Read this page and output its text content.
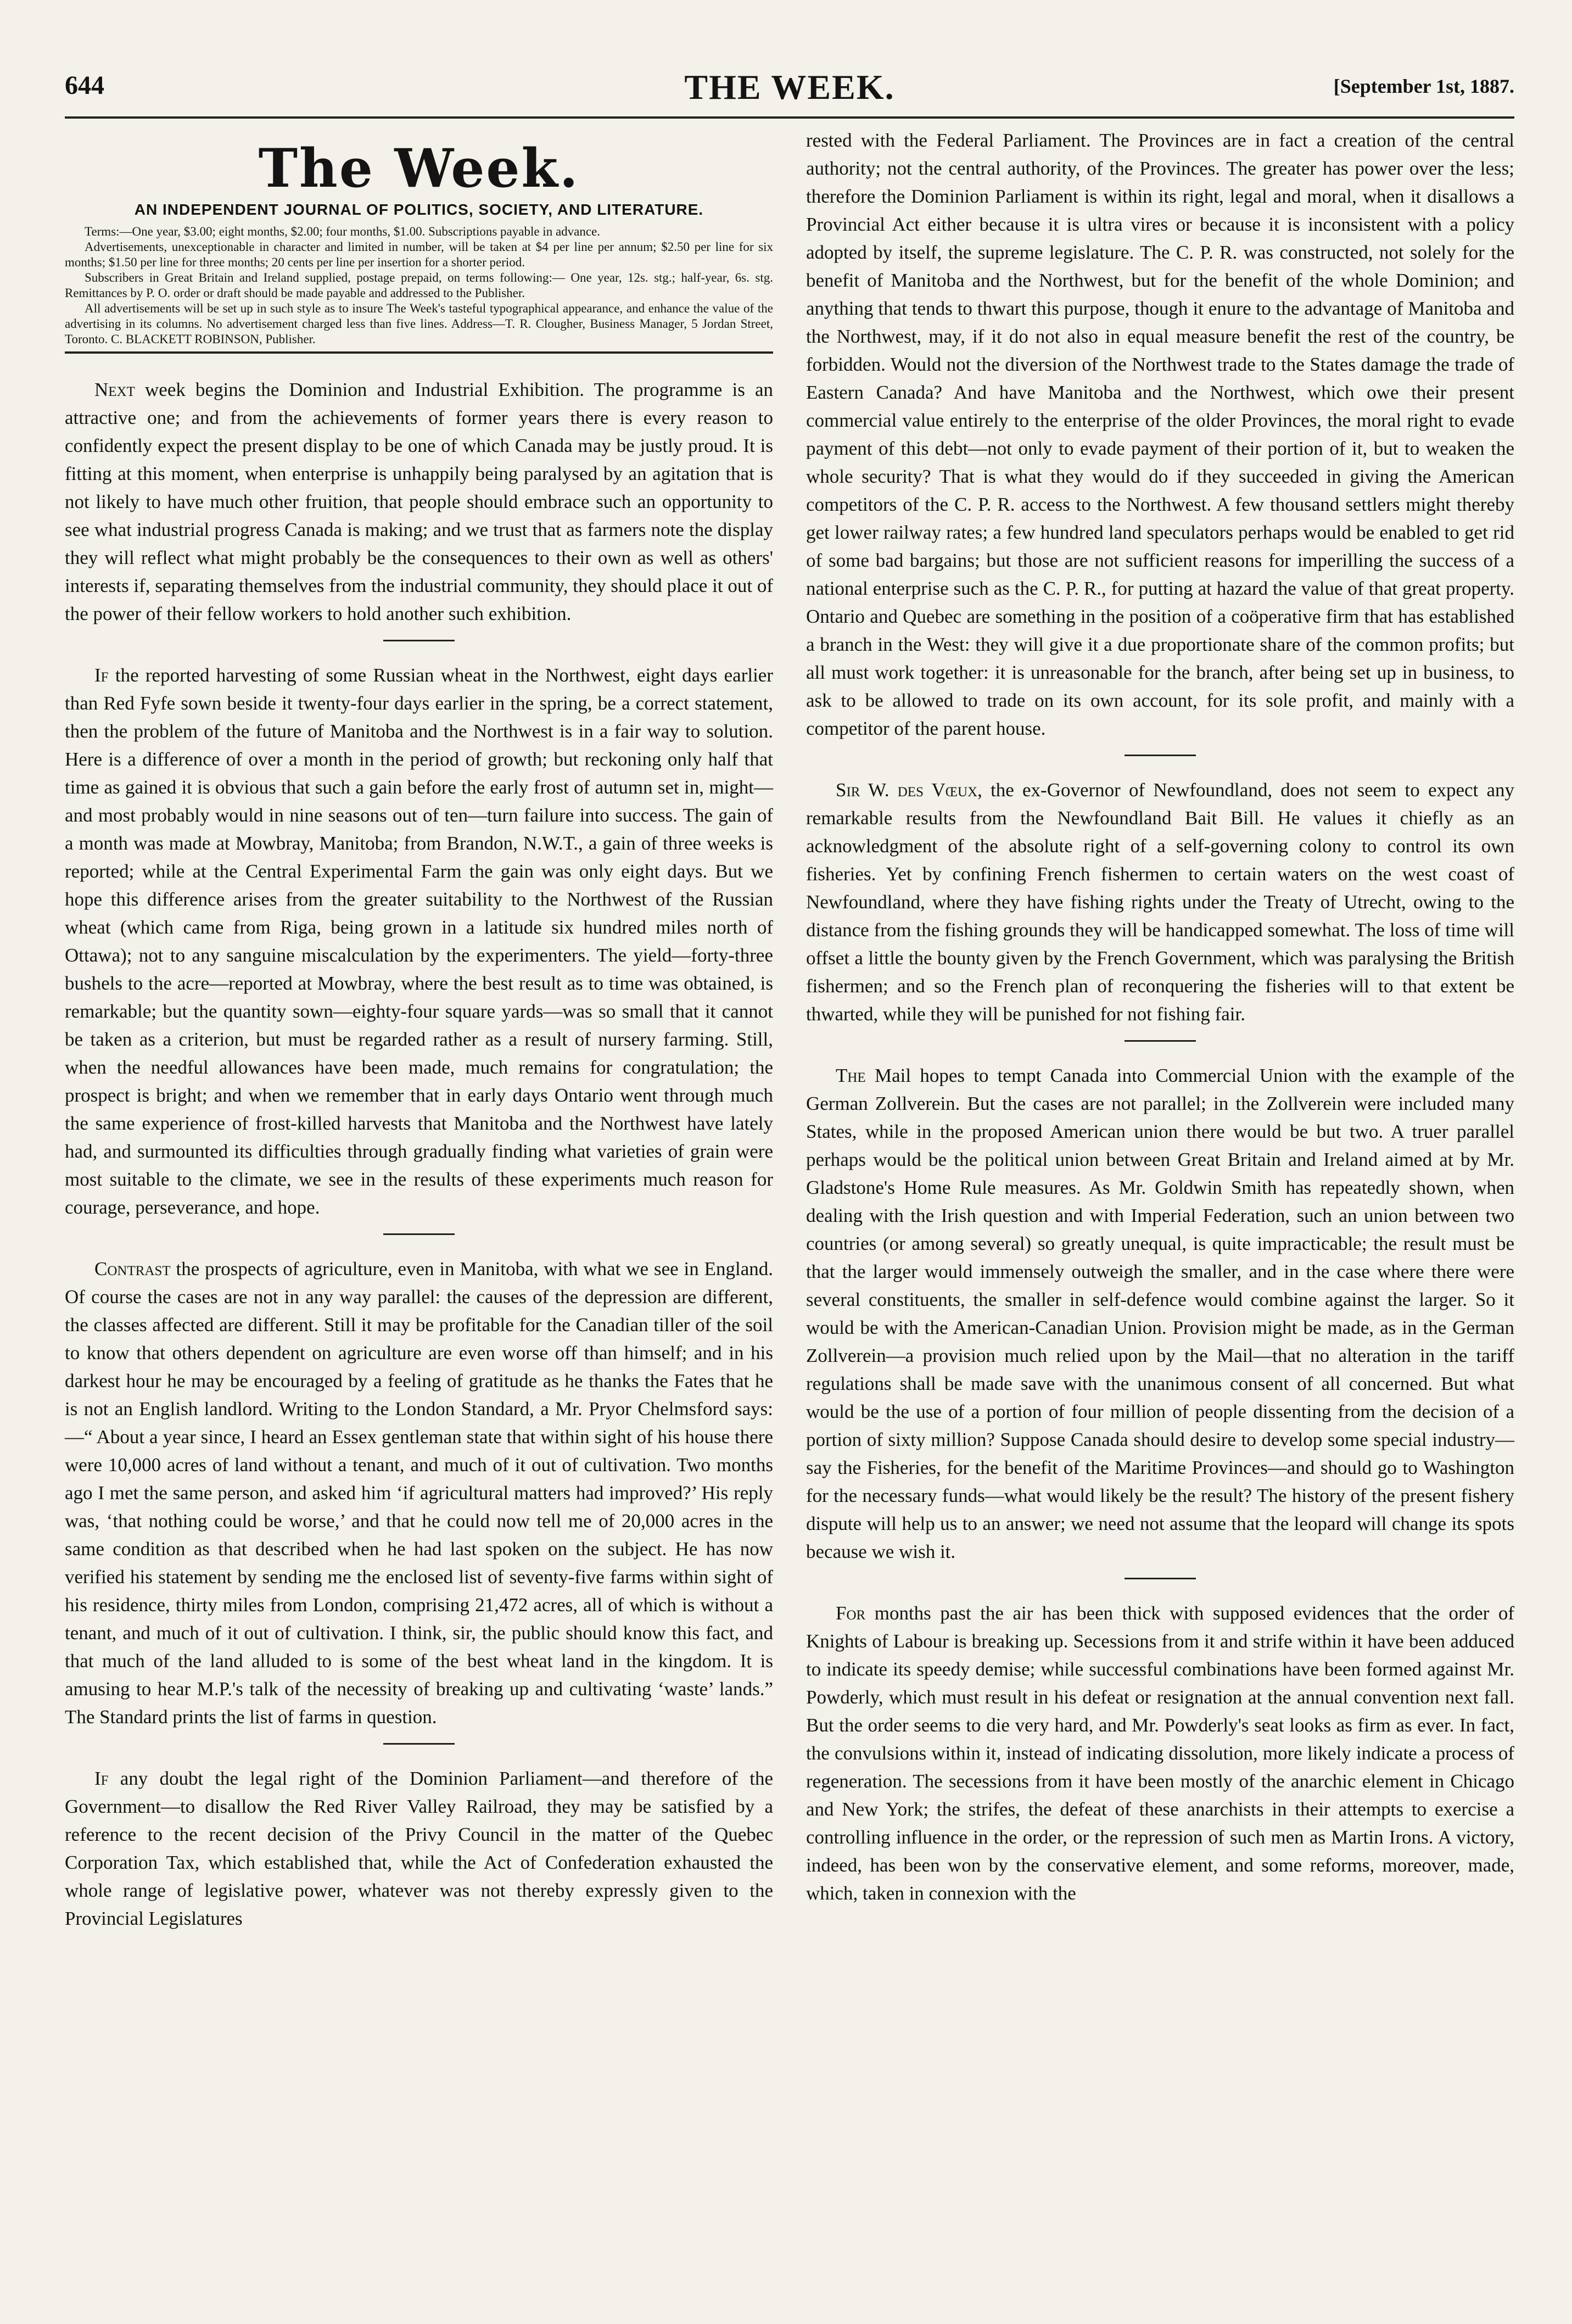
644	THE WEEK.	[September 1st, 1887.
The Week.
AN INDEPENDENT JOURNAL OF POLITICS, SOCIETY, AND LITERATURE.

Terms:—One year, $3.00; eight months, $2.00; four months, $1.00. Subscriptions payable in advance.

Advertisements, unexceptionable in character and limited in number, will be taken at $4 per line per annum; $2.50 per line for six months; $1.50 per line for three months; 20 cents per line per insertion for a shorter period.

Subscribers in Great Britain and Ireland supplied, postage prepaid, on terms following:— One year, 12s. stg.; half-year, 6s. stg. Remittances by P. O. order or draft should be made payable and addressed to the Publisher.

All advertisements will be set up in such style as to insure The Week's tasteful typographical appearance, and enhance the value of the advertising in its columns. No advertisement charged less than five lines. Address—T. R. Clougher, Business Manager, 5 Jordan Street, Toronto. C. BLACKETT ROBINSON, Publisher.

Next week begins the Dominion and Industrial Exhibition. The programme is an attractive one; and from the achievements of former years there is every reason to confidently expect the present display to be one of which Canada may be justly proud. It is fitting at this moment, when enterprise is unhappily being paralysed by an agitation that is not likely to have much other fruition, that people should embrace such an opportunity to see what industrial progress Canada is making; and we trust that as farmers note the display they will reflect what might probably be the consequences to their own as well as others' interests if, separating themselves from the industrial community, they should place it out of the power of their fellow workers to hold another such exhibition.

If the reported harvesting of some Russian wheat in the Northwest, eight days earlier than Red Fyfe sown beside it twenty-four days earlier in the spring, be a correct statement, then the problem of the future of Manitoba and the Northwest is in a fair way to solution. Here is a difference of over a month in the period of growth; but reckoning only half that time as gained it is obvious that such a gain before the early frost of autumn set in, might—and most probably would in nine seasons out of ten—turn failure into success. The gain of a month was made at Mowbray, Manitoba; from Brandon, N.W.T., a gain of three weeks is reported; while at the Central Experimental Farm the gain was only eight days. But we hope this difference arises from the greater suitability to the Northwest of the Russian wheat (which came from Riga, being grown in a latitude six hundred miles north of Ottawa); not to any sanguine miscalculation by the experimenters. The yield—forty-three bushels to the acre—reported at Mowbray, where the best result as to time was obtained, is remarkable; but the quantity sown—eighty-four square yards—was so small that it cannot be taken as a criterion, but must be regarded rather as a result of nursery farming. Still, when the needful allowances have been made, much remains for congratulation; the prospect is bright; and when we remember that in early days Ontario went through much the same experience of frost-killed harvests that Manitoba and the Northwest have lately had, and surmounted its difficulties through gradually finding what varieties of grain were most suitable to the climate, we see in the results of these experiments much reason for courage, perseverance, and hope.

Contrast the prospects of agriculture, even in Manitoba, with what we see in England. Of course the cases are not in any way parallel: the causes of the depression are different, the classes affected are different. Still it may be profitable for the Canadian tiller of the soil to know that others dependent on agriculture are even worse off than himself; and in his darkest hour he may be encouraged by a feeling of gratitude as he thanks the Fates that he is not an English landlord. Writing to the London Standard, a Mr. Pryor Chelmsford says:—“ About a year since, I heard an Essex gentleman state that within sight of his house there were 10,000 acres of land without a tenant, and much of it out of cultivation. Two months ago I met the same person, and asked him ‘if agricultural matters had improved?’ His reply was, ‘that nothing could be worse,’ and that he could now tell me of 20,000 acres in the same condition as that described when he had last spoken on the subject. He has now verified his statement by sending me the enclosed list of seventy-five farms within sight of his residence, thirty miles from London, comprising 21,472 acres, all of which is without a tenant, and much of it out of cultivation. I think, sir, the public should know this fact, and that much of the land alluded to is some of the best wheat land in the kingdom. It is amusing to hear M.P.'s talk of the necessity of breaking up and cultivating ‘waste’ lands.” The Standard prints the list of farms in question.

If any doubt the legal right of the Dominion Parliament—and therefore of the Government—to disallow the Red River Valley Railroad, they may be satisfied by a reference to the recent decision of the Privy Council in the matter of the Quebec Corporation Tax, which established that, while the Act of Confederation exhausted the whole range of legislative power, whatever was not thereby expressly given to the Provincial Legislatures

rested with the Federal Parliament. The Provinces are in fact a creation of the central authority; not the central authority, of the Provinces. The greater has power over the less; therefore the Dominion Parliament is within its right, legal and moral, when it disallows a Provincial Act either because it is ultra vires or because it is inconsistent with a policy adopted by itself, the supreme legislature. The C. P. R. was constructed, not solely for the benefit of Manitoba and the Northwest, but for the benefit of the whole Dominion; and anything that tends to thwart this purpose, though it enure to the advantage of Manitoba and the Northwest, may, if it do not also in equal measure benefit the rest of the country, be forbidden. Would not the diversion of the Northwest trade to the States damage the trade of Eastern Canada? And have Manitoba and the Northwest, which owe their present commercial value entirely to the enterprise of the older Provinces, the moral right to evade payment of this debt—not only to evade payment of their portion of it, but to weaken the whole security? That is what they would do if they succeeded in giving the American competitors of the C. P. R. access to the Northwest. A few thousand settlers might thereby get lower railway rates; a few hundred land speculators perhaps would be enabled to get rid of some bad bargains; but those are not sufficient reasons for imperilling the success of a national enterprise such as the C. P. R., for putting at hazard the value of that great property. Ontario and Quebec are something in the position of a coöperative firm that has established a branch in the West: they will give it a due proportionate share of the common profits; but all must work together: it is unreasonable for the branch, after being set up in business, to ask to be allowed to trade on its own account, for its sole profit, and mainly with a competitor of the parent house.

Sir W. des Vœux, the ex-Governor of Newfoundland, does not seem to expect any remarkable results from the Newfoundland Bait Bill. He values it chiefly as an acknowledgment of the absolute right of a self-governing colony to control its own fisheries. Yet by confining French fishermen to certain waters on the west coast of Newfoundland, where they have fishing rights under the Treaty of Utrecht, owing to the distance from the fishing grounds they will be handicapped somewhat. The loss of time will offset a little the bounty given by the French Government, which was paralysing the British fishermen; and so the French plan of reconquering the fisheries will to that extent be thwarted, while they will be punished for not fishing fair.

The Mail hopes to tempt Canada into Commercial Union with the example of the German Zollverein. But the cases are not parallel; in the Zollverein were included many States, while in the proposed American union there would be but two. A truer parallel perhaps would be the political union between Great Britain and Ireland aimed at by Mr. Gladstone's Home Rule measures. As Mr. Goldwin Smith has repeatedly shown, when dealing with the Irish question and with Imperial Federation, such an union between two countries (or among several) so greatly unequal, is quite impracticable; the result must be that the larger would immensely outweigh the smaller, and in the case where there were several constituents, the smaller in self-defence would combine against the larger. So it would be with the American-Canadian Union. Provision might be made, as in the German Zollverein—a provision much relied upon by the Mail—that no alteration in the tariff regulations shall be made save with the unanimous consent of all concerned. But what would be the use of a portion of four million of people dissenting from the decision of a portion of sixty million? Suppose Canada should desire to develop some special industry—say the Fisheries, for the benefit of the Maritime Provinces—and should go to Washington for the necessary funds—what would likely be the result? The history of the present fishery dispute will help us to an answer; we need not assume that the leopard will change its spots because we wish it.

For months past the air has been thick with supposed evidences that the order of Knights of Labour is breaking up. Secessions from it and strife within it have been adduced to indicate its speedy demise; while successful combinations have been formed against Mr. Powderly, which must result in his defeat or resignation at the annual convention next fall. But the order seems to die very hard, and Mr. Powderly's seat looks as firm as ever. In fact, the convulsions within it, instead of indicating dissolution, more likely indicate a process of regeneration. The secessions from it have been mostly of the anarchic element in Chicago and New York; the strifes, the defeat of these anarchists in their attempts to exercise a controlling influence in the order, or the repression of such men as Martin Irons. A victory, indeed, has been won by the conservative element, and some reforms, moreover, made, which, taken in connexion with the
